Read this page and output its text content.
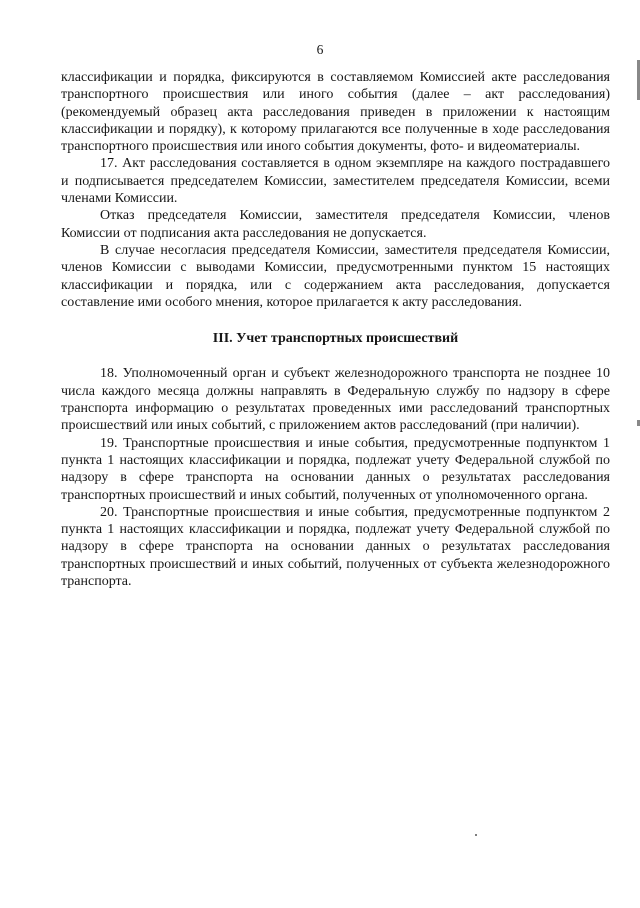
6

классификации и порядка, фиксируются в составляемом Комиссией акте расследования транспортного происшествия или иного события (далее – акт расследования) (рекомендуемый образец акта расследования приведен в приложении к настоящим классификации и порядку), к которому прилагаются все полученные в ходе расследования транспортного происшествия или иного события документы, фото- и видеоматериалы.

17. Акт расследования составляется в одном экземпляре на каждого пострадавшего и подписывается председателем Комиссии, заместителем председателя Комиссии, всеми членами Комиссии.

Отказ председателя Комиссии, заместителя председателя Комиссии, членов Комиссии от подписания акта расследования не допускается.

В случае несогласия председателя Комиссии, заместителя председателя Комиссии, членов Комиссии с выводами Комиссии, предусмотренными пунктом 15 настоящих классификации и порядка, или с содержанием акта расследования, допускается составление ими особого мнения, которое прилагается к акту расследования.

III. Учет транспортных происшествий

18. Уполномоченный орган и субъект железнодорожного транспорта не позднее 10 числа каждого месяца должны направлять в Федеральную службу по надзору в сфере транспорта информацию о результатах проведенных ими расследований транспортных происшествий или иных событий, с приложением актов расследований (при наличии).

19. Транспортные происшествия и иные события, предусмотренные подпунктом 1 пункта 1 настоящих классификации и порядка, подлежат учету Федеральной службой по надзору в сфере транспорта на основании данных о результатах расследования транспортных происшествий и иных событий, полученных от уполномоченного органа.

20. Транспортные происшествия и иные события, предусмотренные подпунктом 2 пункта 1 настоящих классификации и порядка, подлежат учету Федеральной службой по надзору в сфере транспорта на основании данных о результатах расследования транспортных происшествий и иных событий, полученных от субъекта железнодорожного транспорта.
